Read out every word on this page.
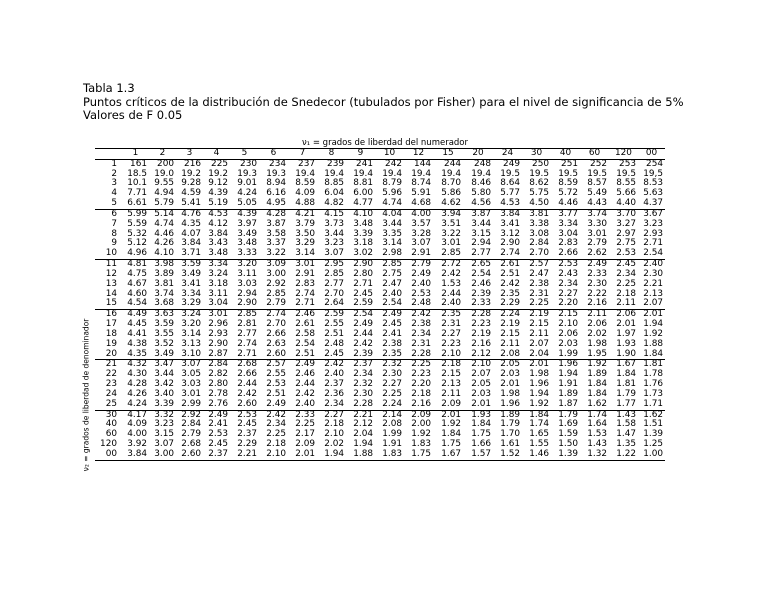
Tabla 1.3
Puntos críticos de la distribución de Snedecor (tubulados por Fisher) para el nivel de significancia de 5%
Valores de F 0.05
ν₁ = grados de liberdad del numerador
ν₂ = grados de liberdad de denominador
	1	2	3	4	5	6	7	8	9	10	12	15	20	24	30	40	60	120	00
1	161	200	216	225	230	234	237	239	241	242	144	244	248	249	250	251	252	253	254
2	18.5	19.0	19.2	19.2	19.3	19.3	19.4	19.4	19.4	19.4	19.4	19.4	19.4	19.5	19.5	19.5	19.5	19.5	19,5
3	10.1	9.55	9.28	9.12	9.01	8.94	8.59	8.85	8.81	8.79	8.74	8.70	8.46	8.64	8.62	8.59	8.57	8.55	8.53
4	7.71	4.94	4.59	4.39	4.24	6.16	4.09	6.04	6.00	5.96	5.91	5.86	5.80	5.77	5.75	5.72	5.49	5.66	5.63
5	6.61	5.79	5.41	5.19	5.05	4.95	4.88	4.82	4.77	4.74	4.68	4.62	4.56	4.53	4.50	4.46	4.43	4.40	4.37
6	5.99	5.14	4.76	4.53	4.39	4.28	4.21	4.15	4.10	4.04	4.00	3.94	3.87	3.84	3.81	3.77	3.74	3.70	3.67
7	5.59	4.74	4.35	4.12	3.97	3.87	3.79	3.73	3.48	3.44	3.57	3.51	3.44	3.41	3.38	3.34	3.30	3.27	3.23
8	5.32	4.46	4.07	3.84	3.49	3.58	3.50	3.44	3.39	3.35	3.28	3.22	3.15	3.12	3.08	3.04	3.01	2.97	2.93
9	5.12	4.26	3.84	3.43	3.48	3.37	3.29	3.23	3.18	3.14	3.07	3.01	2.94	2.90	2.84	2.83	2.79	2.75	2.71
10	4.96	4.10	3.71	3.48	3.33	3.22	3.14	3.07	3.02	2.98	2.91	2.85	2.77	2.74	2.70	2.66	2.62	2.53	2.54
11	4.81	3.98	3.59	3.34	3.20	3.09	3.01	2.95	2.90	2.85	2.79	2.72	2.65	2.61	2.57	2.53	2.49	2.45	2.40
12	4.75	3.89	3.49	3.24	3.11	3.00	2.91	2.85	2.80	2.75	2.49	2.42	2.54	2.51	2.47	2.43	2.33	2.34	2.30
13	4.67	3.81	3.41	3.18	3.03	2.92	2.83	2.77	2.71	2.47	2.40	1.53	2.46	2.42	2.38	2.34	2.30	2.25	2.21
14	4.60	3.74	3.34	3.11	2.94	2.85	2.74	2.70	2.45	2.40	2.53	2.44	2.39	2.35	2.31	2.27	2.22	2.18	2.13
15	4.54	3.68	3.29	3.04	2.90	2.79	2.71	2.64	2.59	2.54	2.48	2.40	2.33	2.29	2.25	2.20	2.16	2.11	2.07
16	4.49	3.63	3.24	3.01	2.85	2.74	2.46	2.59	2.54	2.49	2.42	2.35	2.28	2.24	2.19	2.15	2.11	2.06	2.01
17	4.45	3.59	3.20	2.96	2.81	2.70	2.61	2.55	2.49	2.45	2.38	2.31	2.23	2.19	2.15	2.10	2.06	2.01	1.94
18	4.41	3.55	3.14	2.93	2.77	2.66	2.58	2.51	2.44	2.41	2.34	2.27	2.19	2.15	2.11	2.06	2.02	1.97	1.92
19	4.38	3.52	3.13	2.90	2.74	2.63	2.54	2.48	2.42	2.38	2.31	2.23	2.16	2.11	2.07	2.03	1.98	1.93	1.88
20	4.35	3.49	3.10	2.87	2.71	2.60	2.51	2.45	2.39	2.35	2.28	2.10	2.12	2.08	2.04	1.99	1.95	1.90	1.84
21	4.32	3.47	3.07	2.84	2.68	2.57	2.49	2.42	2.37	2.32	2.25	2.18	2.10	2.05	2.01	1.96	1.92	1.67	1.81
22	4.30	3.44	3.05	2.82	2.66	2.55	2.46	2.40	2.34	2.30	2.23	2.15	2.07	2.03	1.98	1.94	1.89	1.84	1.78
23	4.28	3.42	3.03	2.80	2.44	2.53	2.44	2.37	2.32	2.27	2.20	2.13	2.05	2.01	1.96	1.91	1.84	1.81	1.76
24	4.26	3.40	3.01	2.78	2.42	2.51	2.42	2.36	2.30	2.25	2.18	2.11	2.03	1.98	1.94	1.89	1.84	1.79	1.73
25	4.24	3.39	2.99	2.76	2.60	2.49	2.40	2.34	2.28	2.24	2.16	2.09	2.01	1.96	1.92	1.87	1.62	1.77	1.71
30	4.17	3.32	2.92	2.49	2.53	2.42	2.33	2.27	2.21	2.14	2.09	2.01	1.93	1.89	1.84	1.79	1.74	1.43	1.62
40	4.09	3.23	2.84	2.41	2.45	2.34	2.25	2.18	2.12	2.08	2.00	1.92	1.84	1.79	1.74	1.69	1.64	1.58	1.51
60	4.00	3.15	2.79	2.53	2.37	2.25	2.17	2.10	2.04	1.99	1.92	1.84	1.75	1.70	1.65	1.59	1.53	1.47	1.39
120	3.92	3.07	2.68	2.45	2.29	2.18	2.09	2.02	1.94	1.91	1.83	1.75	1.66	1.61	1.55	1.50	1.43	1.35	1.25
00	3.84	3.00	2.60	2.37	2.21	2.10	2.01	1.94	1.88	1.83	1.75	1.67	1.57	1.52	1.46	1.39	1.32	1.22	1.00
